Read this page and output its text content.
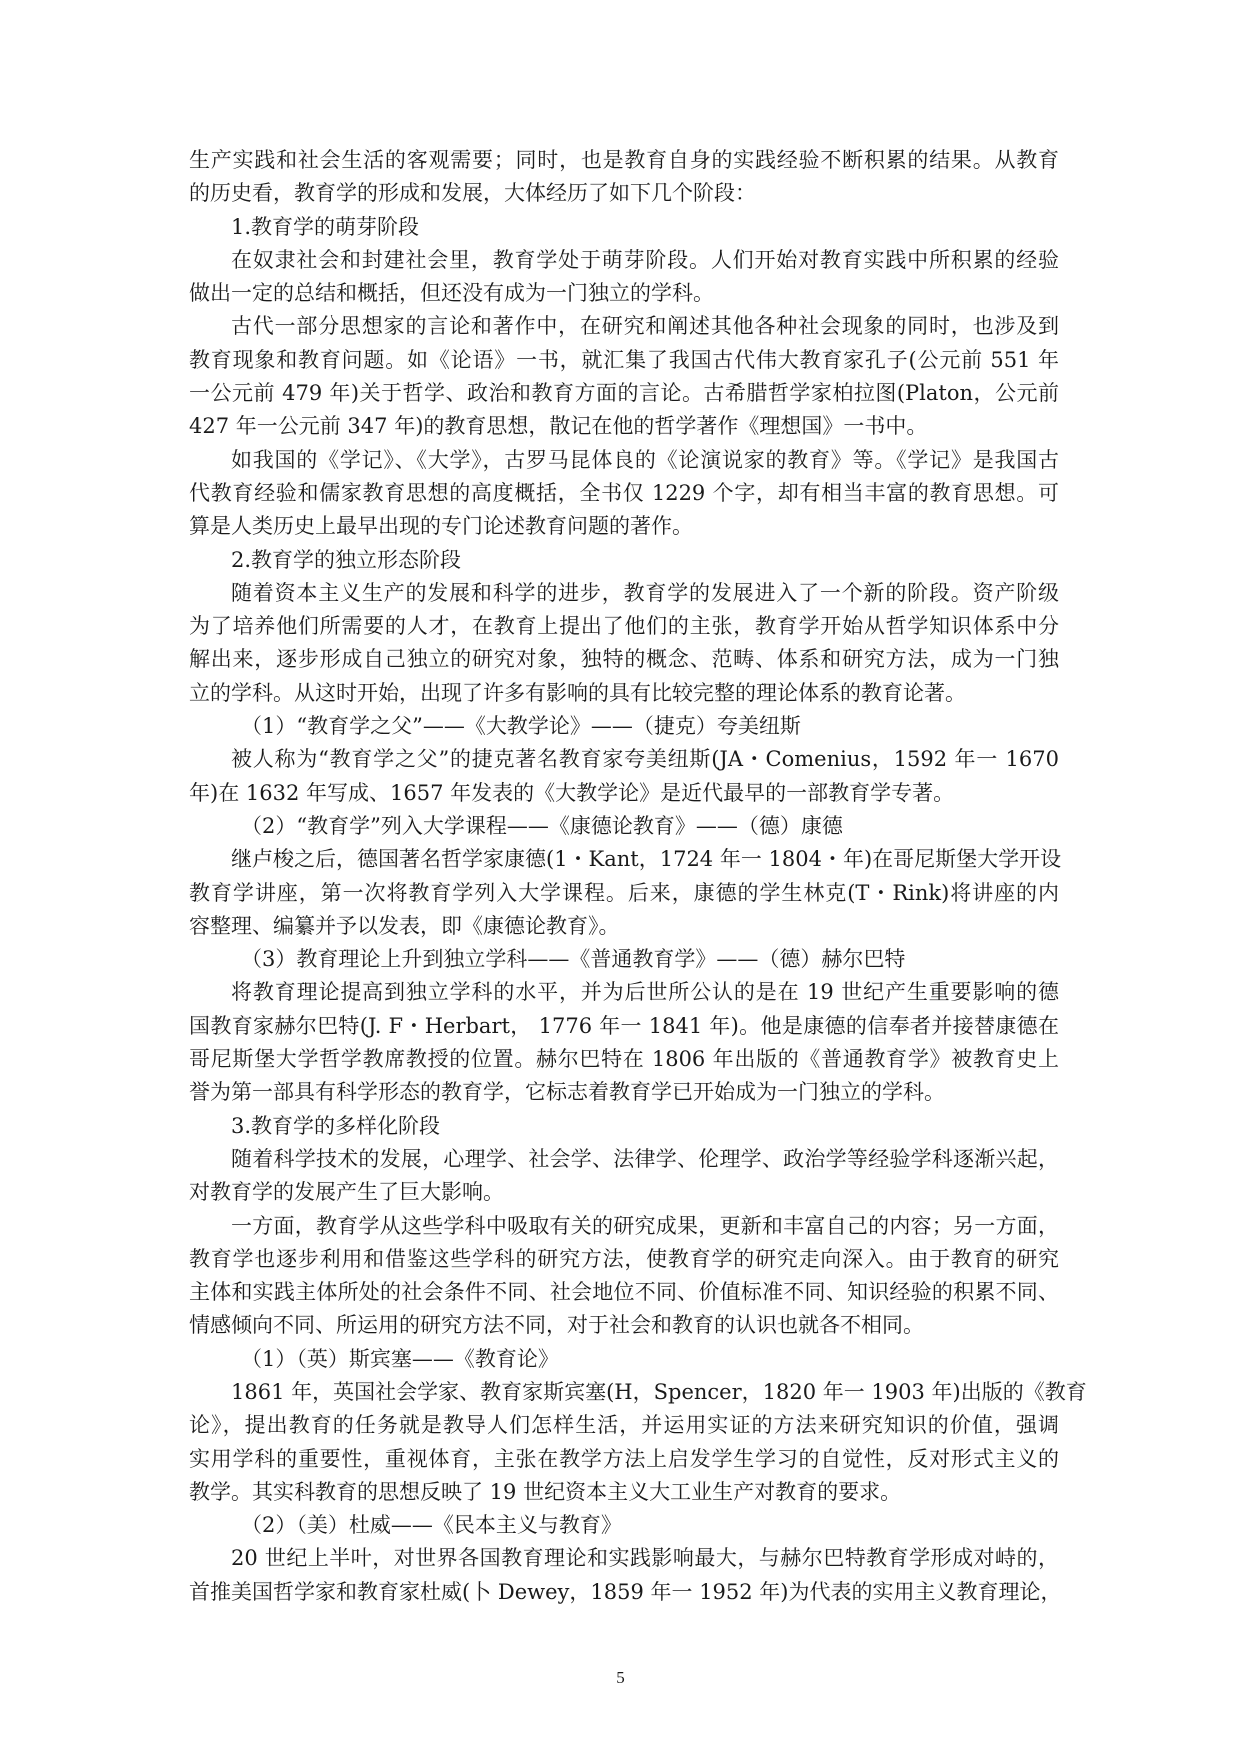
生产实践和社会生活的客观需要；同时，也是教育自身的实践经验不断积累的结果。从教育
的历史看，教育学的形成和发展，大体经历了如下几个阶段：
1.教育学的萌芽阶段
在奴隶社会和封建社会里，教育学处于萌芽阶段。人们开始对教育实践中所积累的经验
做出一定的总结和概括，但还没有成为一门独立的学科。
古代一部分思想家的言论和著作中，在研究和阐述其他各种社会现象的同时，也涉及到
教育现象和教育问题。如《论语》一书，就汇集了我国古代伟大教育家孔子(公元前 551 年
一公元前 479 年)关于哲学、政治和教育方面的言论。古希腊哲学家柏拉图(Platon，公元前
427 年一公元前 347 年)的教育思想，散记在他的哲学著作《理想国》一书中。
如我国的《学记》、《大学》，古罗马昆体良的《论演说家的教育》等。《学记》是我国古
代教育经验和儒家教育思想的高度概括，全书仅 1229 个字，却有相当丰富的教育思想。可
算是人类历史上最早出现的专门论述教育问题的著作。
2.教育学的独立形态阶段
随着资本主义生产的发展和科学的进步，教育学的发展进入了一个新的阶段。资产阶级
为了培养他们所需要的人才，在教育上提出了他们的主张，教育学开始从哲学知识体系中分
解出来，逐步形成自己独立的研究对象，独特的概念、范畴、体系和研究方法，成为一门独
立的学科。从这时开始，出现了许多有影响的具有比较完整的理论体系的教育论著。
（1）“教育学之父”——《大教学论》——（捷克）夸美纽斯
被人称为“教育学之父”的捷克著名教育家夸美纽斯(JA・Comenius，1592 年一 1670
年)在 1632 年写成、1657 年发表的《大教学论》是近代最早的一部教育学专著。
（2）“教育学”列入大学课程——《康德论教育》——（德）康德
继卢梭之后，德国著名哲学家康德(1・Kant，1724 年一 1804・年)在哥尼斯堡大学开设
教育学讲座，第一次将教育学列入大学课程。后来，康德的学生林克(T・Rink)将讲座的内
容整理、编纂并予以发表，即《康德论教育》。
（3）教育理论上升到独立学科——《普通教育学》——（德）赫尔巴特
将教育理论提高到独立学科的水平，并为后世所公认的是在 19 世纪产生重要影响的德
国教育家赫尔巴特(J. F・Herbart， 1776 年一 1841 年)。他是康德的信奉者并接替康德在
哥尼斯堡大学哲学教席教授的位置。赫尔巴特在 1806 年出版的《普通教育学》被教育史上
誉为第一部具有科学形态的教育学，它标志着教育学已开始成为一门独立的学科。
3.教育学的多样化阶段
随着科学技术的发展，心理学、社会学、法律学、伦理学、政治学等经验学科逐渐兴起，
对教育学的发展产生了巨大影响。
一方面，教育学从这些学科中吸取有关的研究成果，更新和丰富自己的内容；另一方面，
教育学也逐步利用和借鉴这些学科的研究方法，使教育学的研究走向深入。由于教育的研究
主体和实践主体所处的社会条件不同、社会地位不同、价值标准不同、知识经验的积累不同、
情感倾向不同、所运用的研究方法不同，对于社会和教育的认识也就各不相同。
（1）（英）斯宾塞——《教育论》
1861 年，英国社会学家、教育家斯宾塞(H，Spencer，1820 年一 1903 年)出版的《教育
论》，提出教育的任务就是教导人们怎样生活，并运用实证的方法来研究知识的价值，强调
实用学科的重要性，重视体育，主张在教学方法上启发学生学习的自觉性，反对形式主义的
教学。其实科教育的思想反映了 19 世纪资本主义大工业生产对教育的要求。
（2）（美）杜威——《民本主义与教育》
20 世纪上半叶，对世界各国教育理论和实践影响最大，与赫尔巴特教育学形成对峙的，
首推美国哲学家和教育家杜威(卜 Dewey，1859 年一 1952 年)为代表的实用主义教育理论，
5
